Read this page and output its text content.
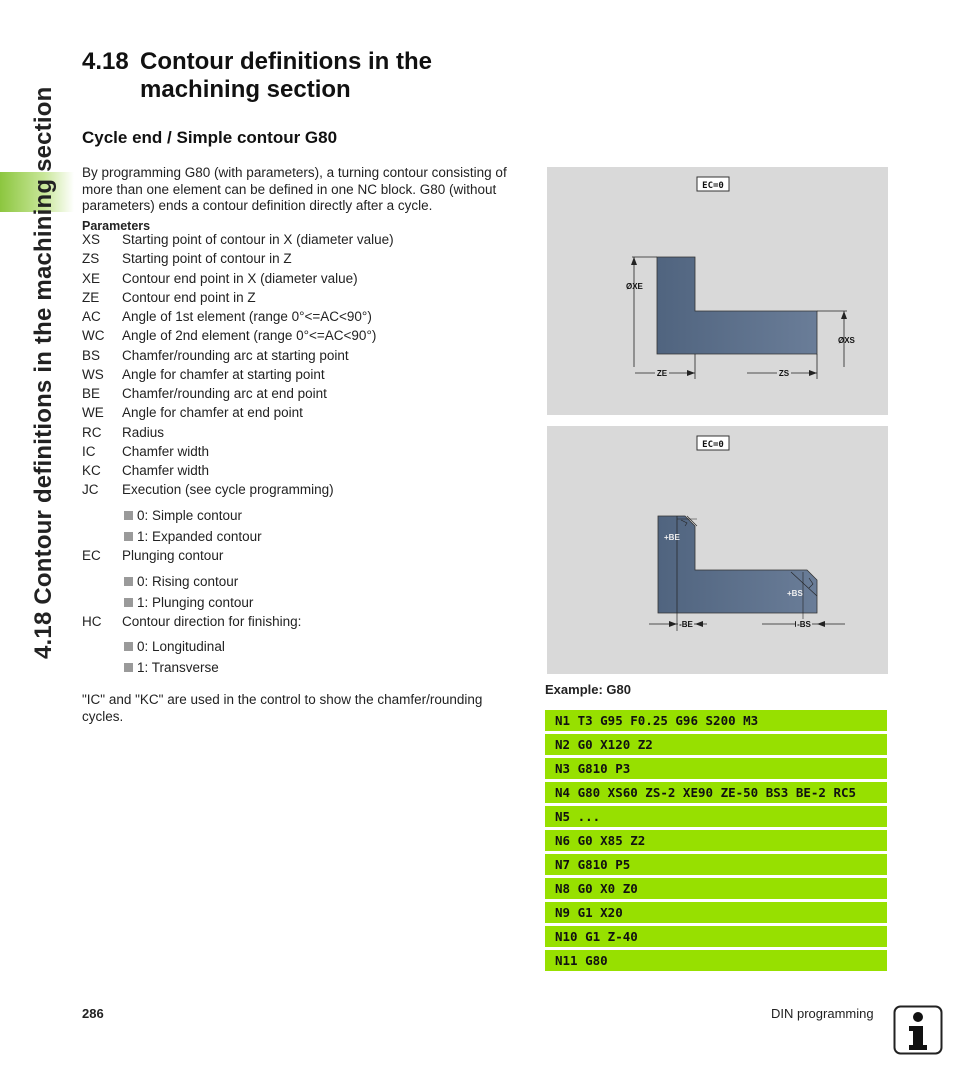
4.18 Contour definitions in the machining section
4.18 Contour definitions in the
machining section
Cycle end / Simple contour G80
By programming G80 (with parameters), a turning contour consisting of more than one element can be defined in one NC block. G80 (without parameters) ends a contour definition directly after a cycle.
Parameters
XS Starting point of contour in X (diameter value)
ZS Starting point of contour in Z
XE Contour end point in X (diameter value)
ZE Contour end point in Z
AC Angle of 1st element (range 0°<=AC<90°)
WC Angle of 2nd element (range 0°<=AC<90°)
BS Chamfer/rounding arc at starting point
WS Angle for chamfer at starting point
BE Chamfer/rounding arc at end point
WE Angle for chamfer at end point
RC Radius
IC Chamfer width
KC Chamfer width
JC Execution (see cycle programming)
0: Simple contour
1: Expanded contour
EC Plunging contour
0: Rising contour
1: Plunging contour
HC Contour direction for finishing:
0: Longitudinal
1: Transverse
"IC" and "KC" are used in the control to show the chamfer/rounding cycles.
EC=0
ØXE
ØXS
ZE	ZS
EC=0
+BE
+BS
-BE	-BS
Example: G80
N1 T3 G95 F0.25 G96 S200 M3
N2 G0 X120 Z2
N3 G810 P3
N4 G80 XS60 ZS-2 XE90 ZE-50 BS3 BE-2 RC5
N5 ...
N6 G0 X85 Z2
N7 G810 P5
N8 G0 X0 Z0
N9 G1 X20
N10 G1 Z-40
N11 G80
286	DIN programming
